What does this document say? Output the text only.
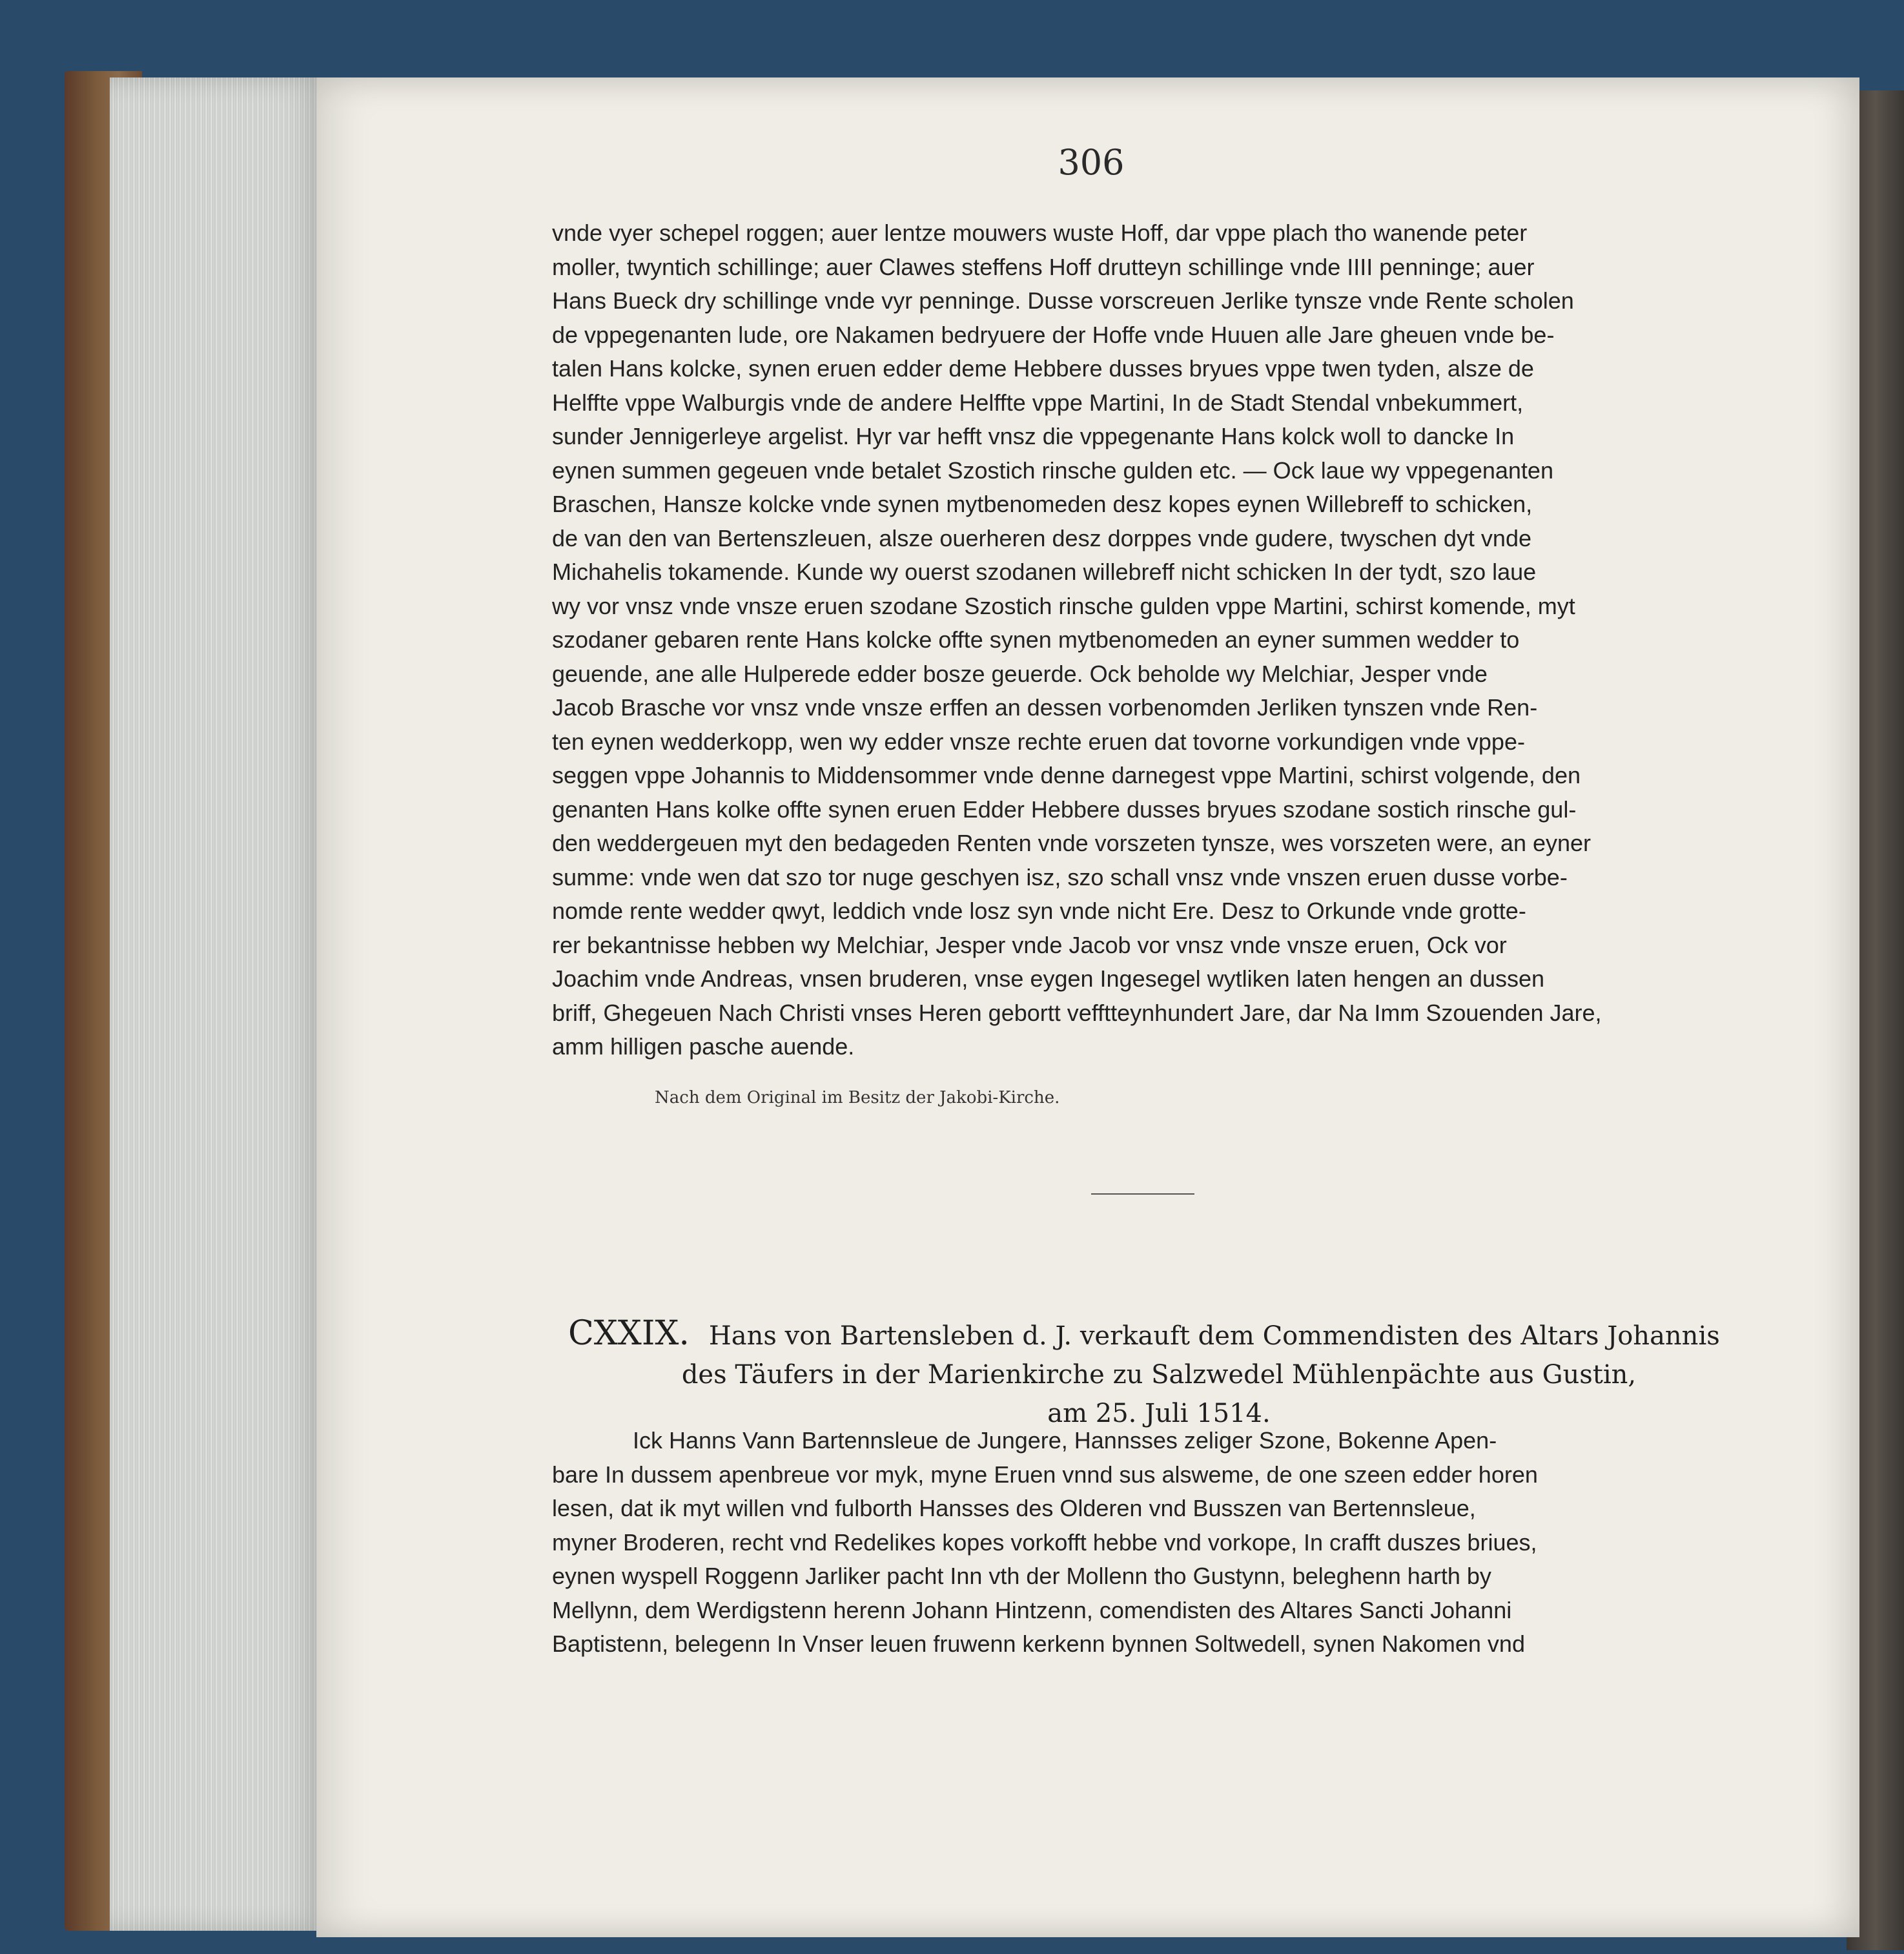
306

vnde vyer schepel roggen; auer lentze mouwers wuste Hoff, dar vppe plach tho wanende peter
moller, twyntich schillinge; auer Clawes steffens Hoff drutteyn schillinge vnde IIII penninge; auer
Hans Bueck dry schillinge vnde vyr penninge. Dusse vorscreuen Jerlike tynsze vnde Rente scholen
de vppegenanten lude, ore Nakamen bedryuere der Hoffe vnde Huuen alle Jare gheuen vnde be-
talen Hans kolcke, synen eruen edder deme Hebbere dusses bryues vppe twen tyden, alsze de
Helffte vppe Walburgis vnde de andere Helffte vppe Martini, In de Stadt Stendal vnbekummert,
sunder Jennigerleye argelist. Hyr var hefft vnsz die vppegenante Hans kolck woll to dancke In
eynen summen gegeuen vnde betalet Szostich rinsche gulden etc. — Ock laue wy vppegenanten
Braschen, Hansze kolcke vnde synen mytbenomeden desz kopes eynen Willebreff to schicken,
de van den van Bertenszleuen, alsze ouerheren desz dorppes vnde gudere, twyschen dyt vnde
Michahelis tokamende. Kunde wy ouerst szodanen willebreff nicht schicken In der tydt, szo laue
wy vor vnsz vnde vnsze eruen szodane Szostich rinsche gulden vppe Martini, schirst komende, myt
szodaner gebaren rente Hans kolcke offte synen mytbenomeden an eyner summen wedder to
geuende, ane alle Hulperede edder bosze geuerde. Ock beholde wy Melchiar, Jesper vnde
Jacob Brasche vor vnsz vnde vnsze erffen an dessen vorbenomden Jerliken tynszen vnde Ren-
ten eynen wedderkopp, wen wy edder vnsze rechte eruen dat tovorne vorkundigen vnde vppe-
seggen vppe Johannis to Middensommer vnde denne darnegest vppe Martini, schirst volgende, den
genanten Hans kolke offte synen eruen Edder Hebbere dusses bryues szodane sostich rinsche gul-
den weddergeuen myt den bedageden Renten vnde vorszeten tynsze, wes vorszeten were, an eyner
summe: vnde wen dat szo tor nuge geschyen isz, szo schall vnsz vnde vnszen eruen dusse vorbe-
nomde rente wedder qwyt, leddich vnde losz syn vnde nicht Ere. Desz to Orkunde vnde grotte-
rer bekantnisse hebben wy Melchiar, Jesper vnde Jacob vor vnsz vnde vnsze eruen, Ock vor
Joachim vnde Andreas, vnsen bruderen, vnse eygen Ingesegel wytliken laten hengen an dussen
briff, Ghegeuen Nach Christi vnses Heren gebortt vefftteynhundert Jare, dar Na Imm Szouenden Jare,
amm hilligen pasche auende.

Nach dem Original im Besitz der Jakobi-Kirche.
CXXIX. Hans von Bartensleben d. J. verkauft dem Commendisten des Altars Johannis
des Täufers in der Marienkirche zu Salzwedel Mühlenpächte aus Gustin,
am 25. Juli 1514.

Ick Hanns Vann Bartennsleue de Jungere, Hannsses zeliger Szone, Bokenne Apen-
bare In dussem apenbreue vor myk, myne Eruen vnnd sus alsweme, de one szeen edder horen
lesen, dat ik myt willen vnd fulborth Hansses des Olderen vnd Busszen van Bertennsleue,
myner Broderen, recht vnd Redelikes kopes vorkofft hebbe vnd vorkope, In crafft duszes briues,
eynen wyspell Roggenn Jarliker pacht Inn vth der Mollenn tho Gustynn, beleghenn harth by
Mellynn, dem Werdigstenn herenn Johann Hintzenn, comendisten des Altares Sancti Johanni
Baptistenn, belegenn In Vnser leuen fruwenn kerkenn bynnen Soltwedell, synen Nakomen vnd
